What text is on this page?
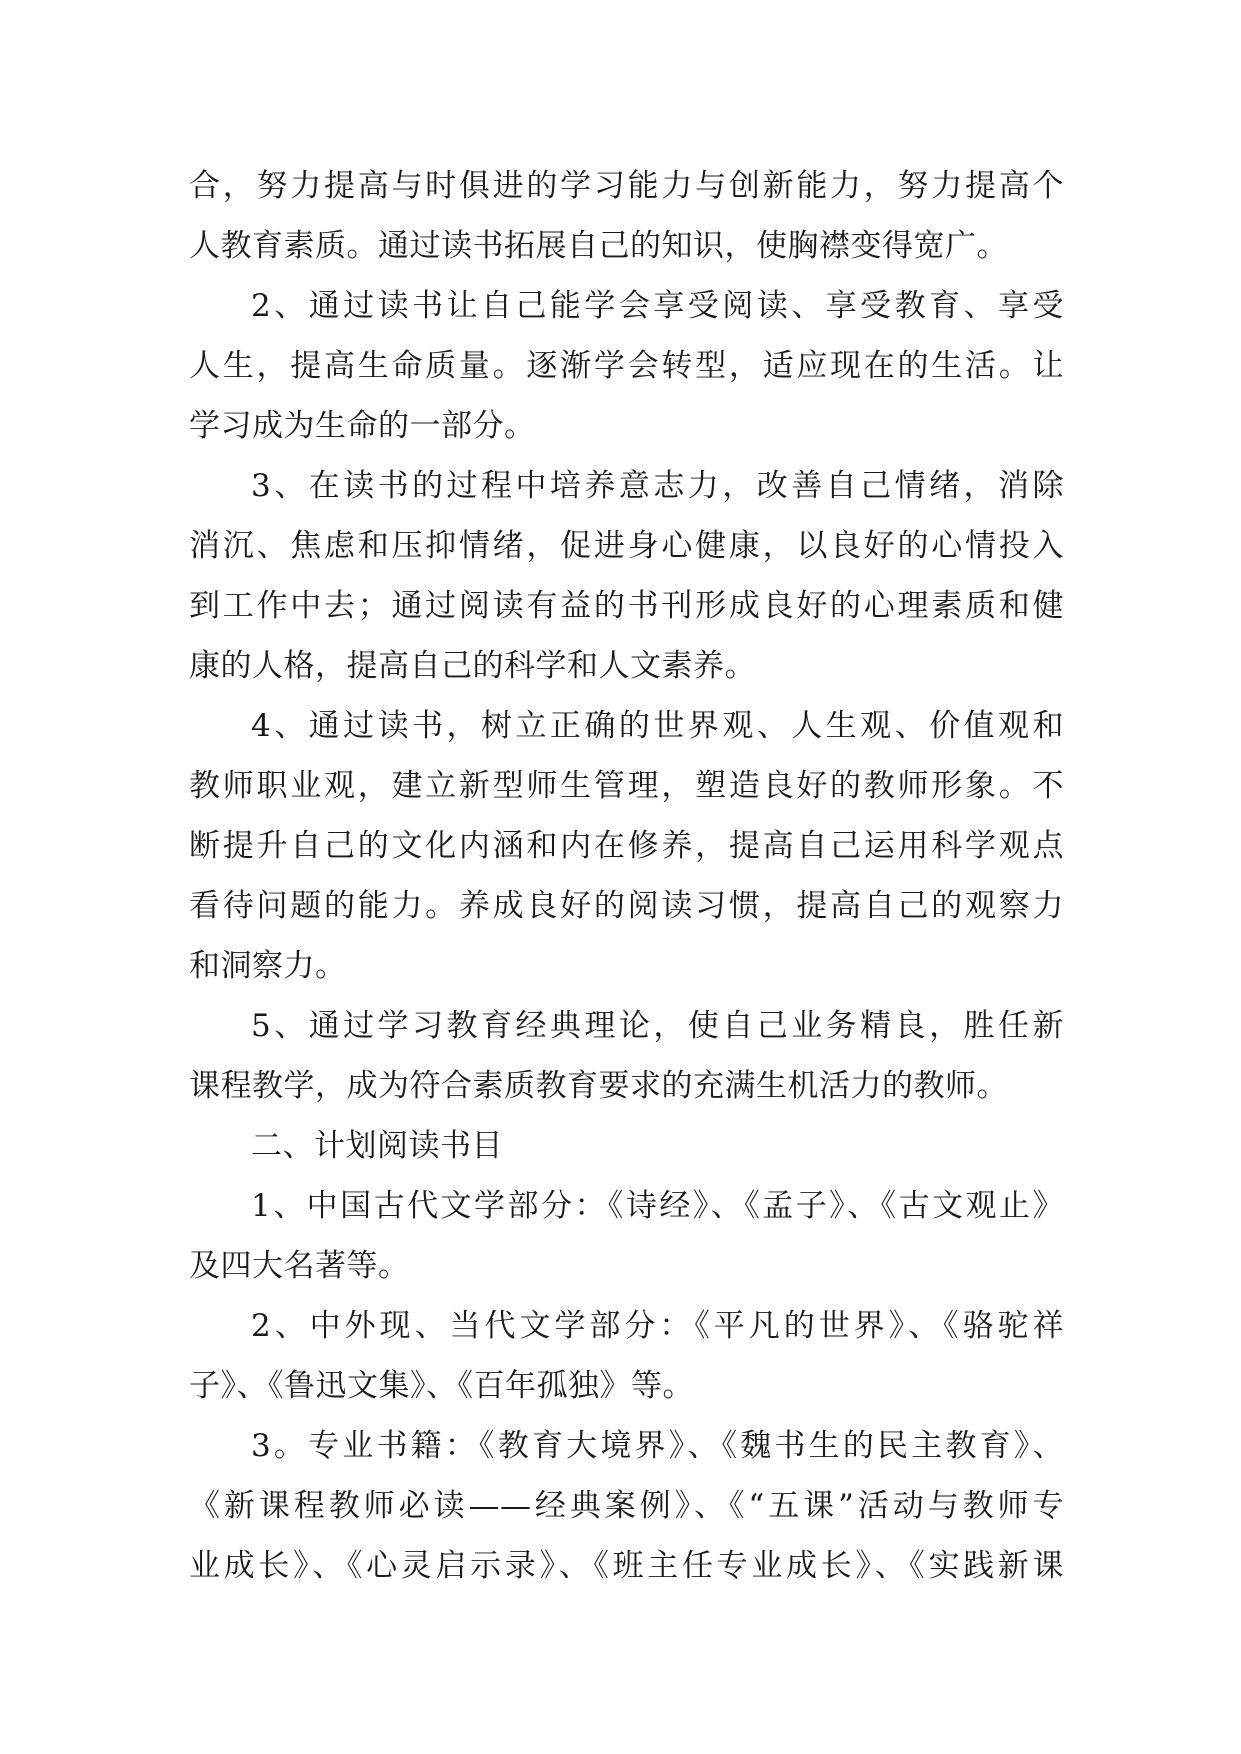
合，努力提高与时俱进的学习能力与创新能力，努力提高个
人教育素质。通过读书拓展自己的知识，使胸襟变得宽广。
2、通过读书让自己能学会享受阅读、享受教育、享受
人生，提高生命质量。逐渐学会转型，适应现在的生活。让
学习成为生命的一部分。
3、在读书的过程中培养意志力，改善自己情绪，消除
消沉、焦虑和压抑情绪，促进身心健康，以良好的心情投入
到工作中去；通过阅读有益的书刊形成良好的心理素质和健
康的人格，提高自己的科学和人文素养。
4、通过读书，树立正确的世界观、人生观、价值观和
教师职业观，建立新型师生管理，塑造良好的教师形象。不
断提升自己的文化内涵和内在修养，提高自己运用科学观点
看待问题的能力。养成良好的阅读习惯，提高自己的观察力
和洞察力。
5、通过学习教育经典理论，使自己业务精良，胜任新
课程教学，成为符合素质教育要求的充满生机活力的教师。
二、计划阅读书目
1、中国古代文学部分：《诗经》、《孟子》、《古文观止》
及四大名著等。
2、中外现、当代文学部分：《平凡的世界》、《骆驼祥
子》、《鲁迅文集》、《百年孤独》等。
3。专业书籍：《教育大境界》、《魏书生的民主教育》、
《新课程教师必读——经典案例》、《“五课”活动与教师专
业成长》、《心灵启示录》、《班主任专业成长》、《实践新课
